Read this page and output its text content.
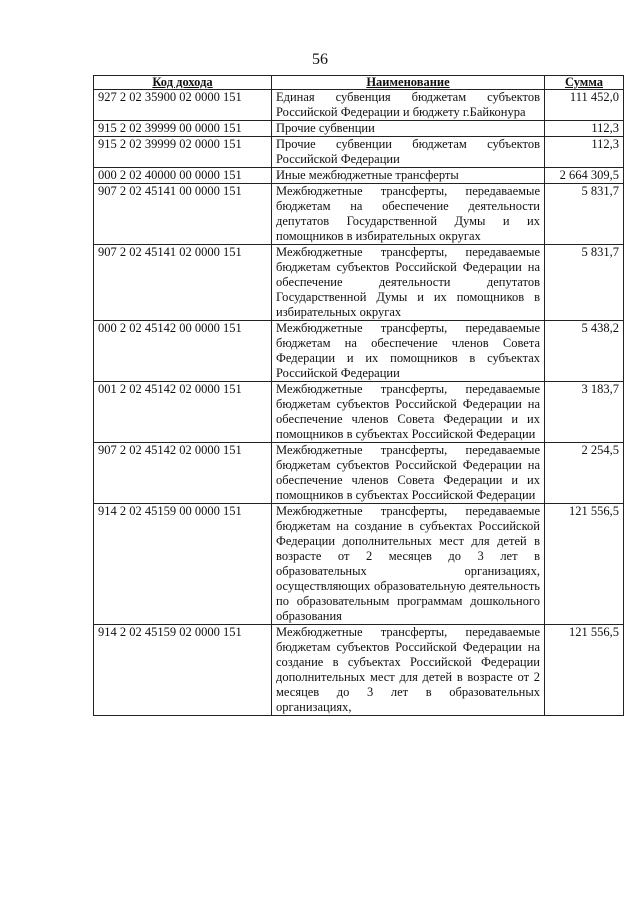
56
Код дохода	Наименование	Сумма
927 2 02 35900 02 0000 151	Единая субвенция бюджетам субъектов Российской Федерации и бюджету г.Байконура	111 452,0
915 2 02 39999 00 0000 151	Прочие субвенции	112,3
915 2 02 39999 02 0000 151	Прочие субвенции бюджетам субъектов Российской Федерации	112,3
000 2 02 40000 00 0000 151	Иные межбюджетные трансферты	2 664 309,5
907 2 02 45141 00 0000 151	Межбюджетные трансферты, передаваемые бюджетам на обеспечение деятельности депутатов Государственной Думы и их помощников в избирательных округах	5 831,7
907 2 02 45141 02 0000 151	Межбюджетные трансферты, передаваемые бюджетам субъектов Российской Федерации на обеспечение деятельности депутатов Государственной Думы и их помощников в избирательных округах	5 831,7
000 2 02 45142 00 0000 151	Межбюджетные трансферты, передаваемые бюджетам на обеспечение членов Совета Федерации и их помощников в субъектах Российской Федерации	5 438,2
001 2 02 45142 02 0000 151	Межбюджетные трансферты, передаваемые бюджетам субъектов Российской Федерации на обеспечение членов Совета Федерации и их помощников в субъектах Российской Федерации	3 183,7
907 2 02 45142 02 0000 151	Межбюджетные трансферты, передаваемые бюджетам субъектов Российской Федерации на обеспечение членов Совета Федерации и их помощников в субъектах Российской Федерации	2 254,5
914 2 02 45159 00 0000 151	Межбюджетные трансферты, передаваемые бюджетам на создание в субъектах Российской Федерации дополнительных мест для детей в возрасте от 2 месяцев до 3 лет в образовательных организациях, осуществляющих образовательную деятельность по образовательным программам дошкольного образования	121 556,5
914 2 02 45159 02 0000 151	Межбюджетные трансферты, передаваемые бюджетам субъектов Российской Федерации на создание в субъектах Российской Федерации дополнительных мест для детей в возрасте от 2 месяцев до 3 лет в образовательных организациях,	121 556,5
